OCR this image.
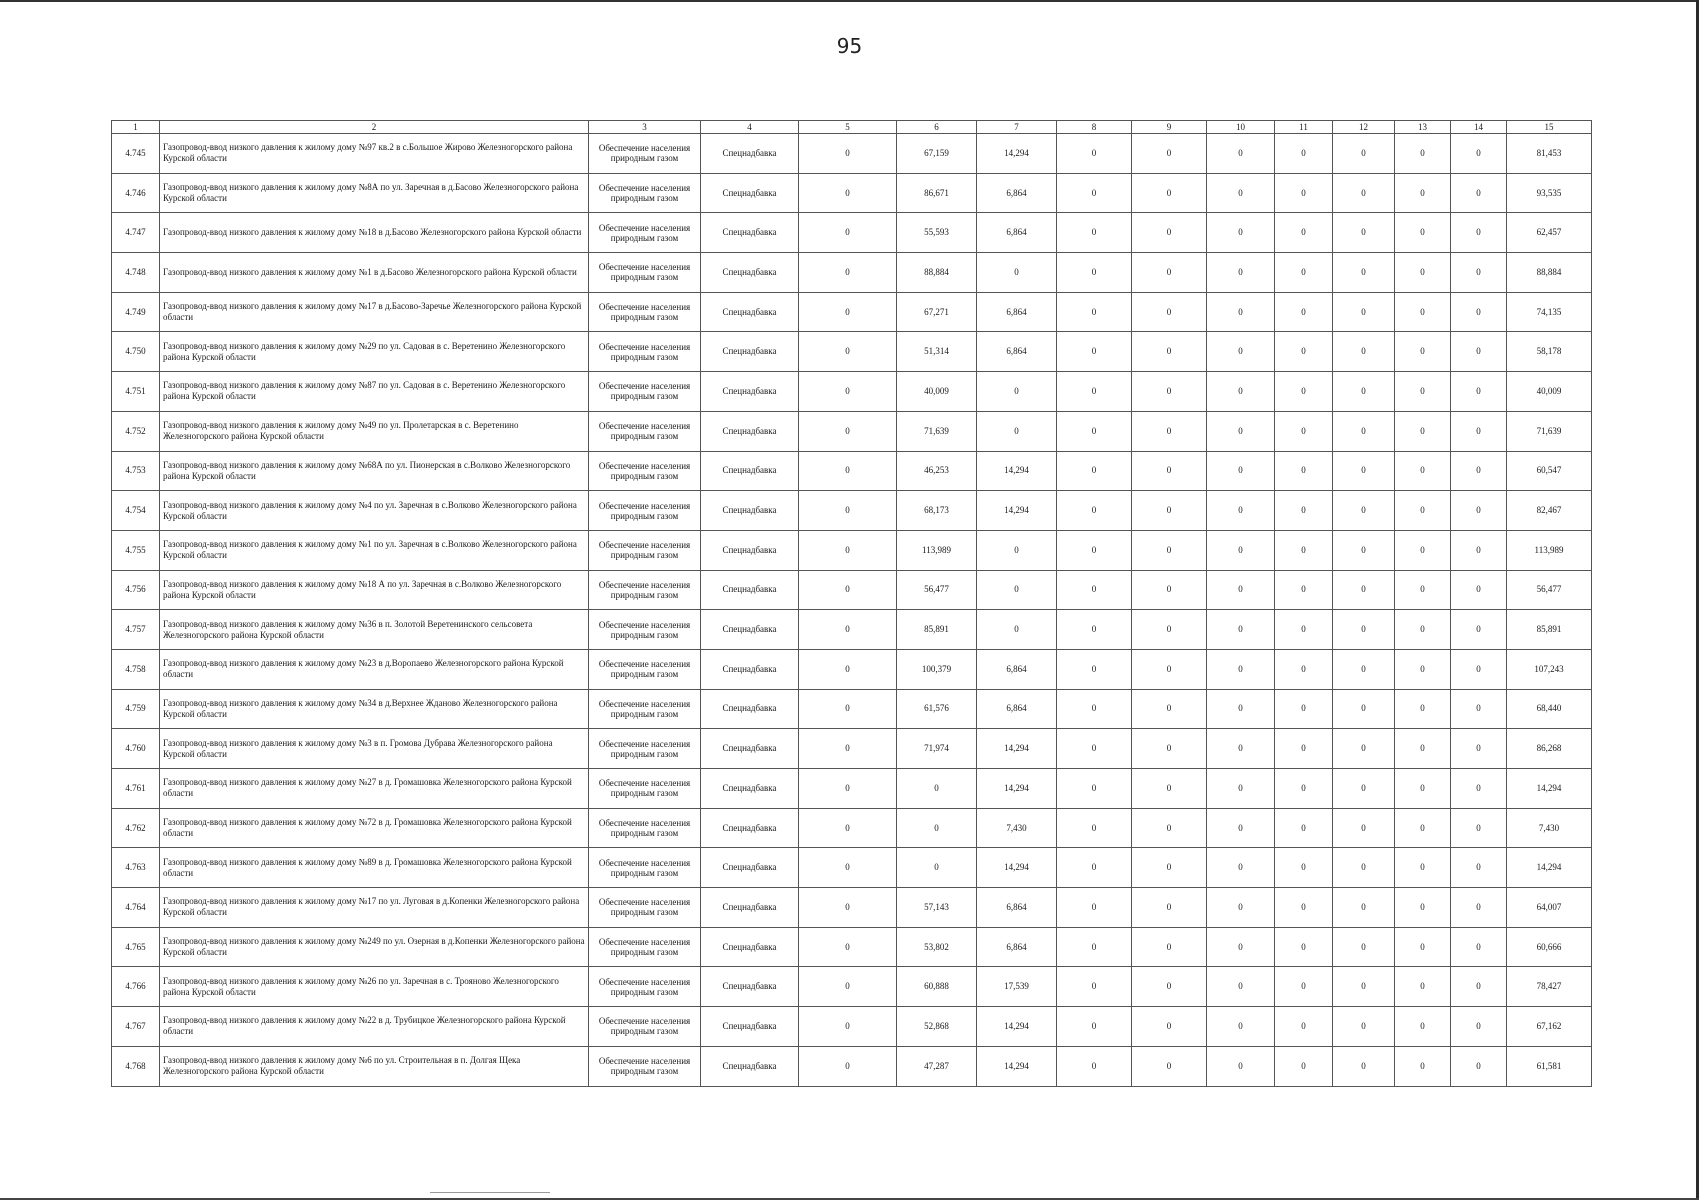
95
1	2	3	4	5	6	7	8	9	10	11	12	13	14	15
4.745	Газопровод-ввод низкого давления к жилому дому №97 кв.2 в с.Большое Жирово Железногорского района Курской области	Обеспечение населения природным газом	Спецнадбавка	0	67,159	14,294	0	0	0	0	0	0	0	81,453
4.746	Газопровод-ввод низкого давления к жилому дому №8А по ул. Заречная в д.Басово Железногорского района Курской области	Обеспечение населения природным газом	Спецнадбавка	0	86,671	6,864	0	0	0	0	0	0	0	93,535
4.747	Газопровод-ввод низкого давления к жилому дому №18 в д.Басово Железногорского района Курской области	Обеспечение населения природным газом	Спецнадбавка	0	55,593	6,864	0	0	0	0	0	0	0	62,457
4.748	Газопровод-ввод низкого давления к жилому дому №1 в д.Басово Железногорского района Курской области	Обеспечение населения природным газом	Спецнадбавка	0	88,884	0	0	0	0	0	0	0	0	88,884
4.749	Газопровод-ввод низкого давления к жилому дому №17 в д.Басово-Заречье Железногорского района Курской области	Обеспечение населения природным газом	Спецнадбавка	0	67,271	6,864	0	0	0	0	0	0	0	74,135
4.750	Газопровод-ввод низкого давления к жилому дому №29 по ул. Садовая в с. Веретенино Железногорского района Курской области	Обеспечение населения природным газом	Спецнадбавка	0	51,314	6,864	0	0	0	0	0	0	0	58,178
4.751	Газопровод-ввод низкого давления к жилому дому №87 по ул. Садовая в с. Веретенино Железногорского района Курской области	Обеспечение населения природным газом	Спецнадбавка	0	40,009	0	0	0	0	0	0	0	0	40,009
4.752	Газопровод-ввод низкого давления к жилому дому №49 по ул. Пролетарская в с. Веретенино Железногорского района Курской области	Обеспечение населения природным газом	Спецнадбавка	0	71,639	0	0	0	0	0	0	0	0	71,639
4.753	Газопровод-ввод низкого давления к жилому дому №68А по ул. Пионерская в с.Волково Железногорского района Курской области	Обеспечение населения природным газом	Спецнадбавка	0	46,253	14,294	0	0	0	0	0	0	0	60,547
4.754	Газопровод-ввод низкого давления к жилому дому №4 по ул. Заречная в с.Волково Железногорского района Курской области	Обеспечение населения природным газом	Спецнадбавка	0	68,173	14,294	0	0	0	0	0	0	0	82,467
4.755	Газопровод-ввод низкого давления к жилому дому №1 по ул. Заречная в с.Волково Железногорского района Курской области	Обеспечение населения природным газом	Спецнадбавка	0	113,989	0	0	0	0	0	0	0	0	113,989
4.756	Газопровод-ввод низкого давления к жилому дому №18 А по ул. Заречная в с.Волково Железногорского района Курской области	Обеспечение населения природным газом	Спецнадбавка	0	56,477	0	0	0	0	0	0	0	0	56,477
4.757	Газопровод-ввод низкого давления к жилому дому №36 в п. Золотой Веретенинского сельсовета Железногорского района Курской области	Обеспечение населения природным газом	Спецнадбавка	0	85,891	0	0	0	0	0	0	0	0	85,891
4.758	Газопровод-ввод низкого давления к жилому дому №23 в д.Воропаево Железногорского района Курской области	Обеспечение населения природным газом	Спецнадбавка	0	100,379	6,864	0	0	0	0	0	0	0	107,243
4.759	Газопровод-ввод низкого давления к жилому дому №34 в д.Верхнее Жданово Железногорского района Курской области	Обеспечение населения природным газом	Спецнадбавка	0	61,576	6,864	0	0	0	0	0	0	0	68,440
4.760	Газопровод-ввод низкого давления к жилому дому №3 в п. Громова Дубрава Железногорского района Курской области	Обеспечение населения природным газом	Спецнадбавка	0	71,974	14,294	0	0	0	0	0	0	0	86,268
4.761	Газопровод-ввод низкого давления к жилому дому №27 в д. Громашовка Железногорского района Курской области	Обеспечение населения природным газом	Спецнадбавка	0	0	14,294	0	0	0	0	0	0	0	14,294
4.762	Газопровод-ввод низкого давления к жилому дому №72 в д. Громашовка Железногорского района Курской области	Обеспечение населения природным газом	Спецнадбавка	0	0	7,430	0	0	0	0	0	0	0	7,430
4.763	Газопровод-ввод низкого давления к жилому дому №89 в д. Громашовка Железногорского района Курской области	Обеспечение населения природным газом	Спецнадбавка	0	0	14,294	0	0	0	0	0	0	0	14,294
4.764	Газопровод-ввод низкого давления к жилому дому №17 по ул. Луговая в д.Копенки Железногорского района Курской области	Обеспечение населения природным газом	Спецнадбавка	0	57,143	6,864	0	0	0	0	0	0	0	64,007
4.765	Газопровод-ввод низкого давления к жилому дому №249 по ул. Озерная в д.Копенки Железногорского района Курской области	Обеспечение населения природным газом	Спецнадбавка	0	53,802	6,864	0	0	0	0	0	0	0	60,666
4.766	Газопровод-ввод низкого давления к жилому дому №26 по ул. Заречная в с. Трояново Железногорского района Курской области	Обеспечение населения природным газом	Спецнадбавка	0	60,888	17,539	0	0	0	0	0	0	0	78,427
4.767	Газопровод-ввод низкого давления к жилому дому №22 в д. Трубицкое Железногорского района Курской области	Обеспечение населения природным газом	Спецнадбавка	0	52,868	14,294	0	0	0	0	0	0	0	67,162
4.768	Газопровод-ввод низкого давления к жилому дому №6 по ул. Строительная в п. Долгая Щека Железногорского района Курской области	Обеспечение населения природным газом	Спецнадбавка	0	47,287	14,294	0	0	0	0	0	0	0	61,581
